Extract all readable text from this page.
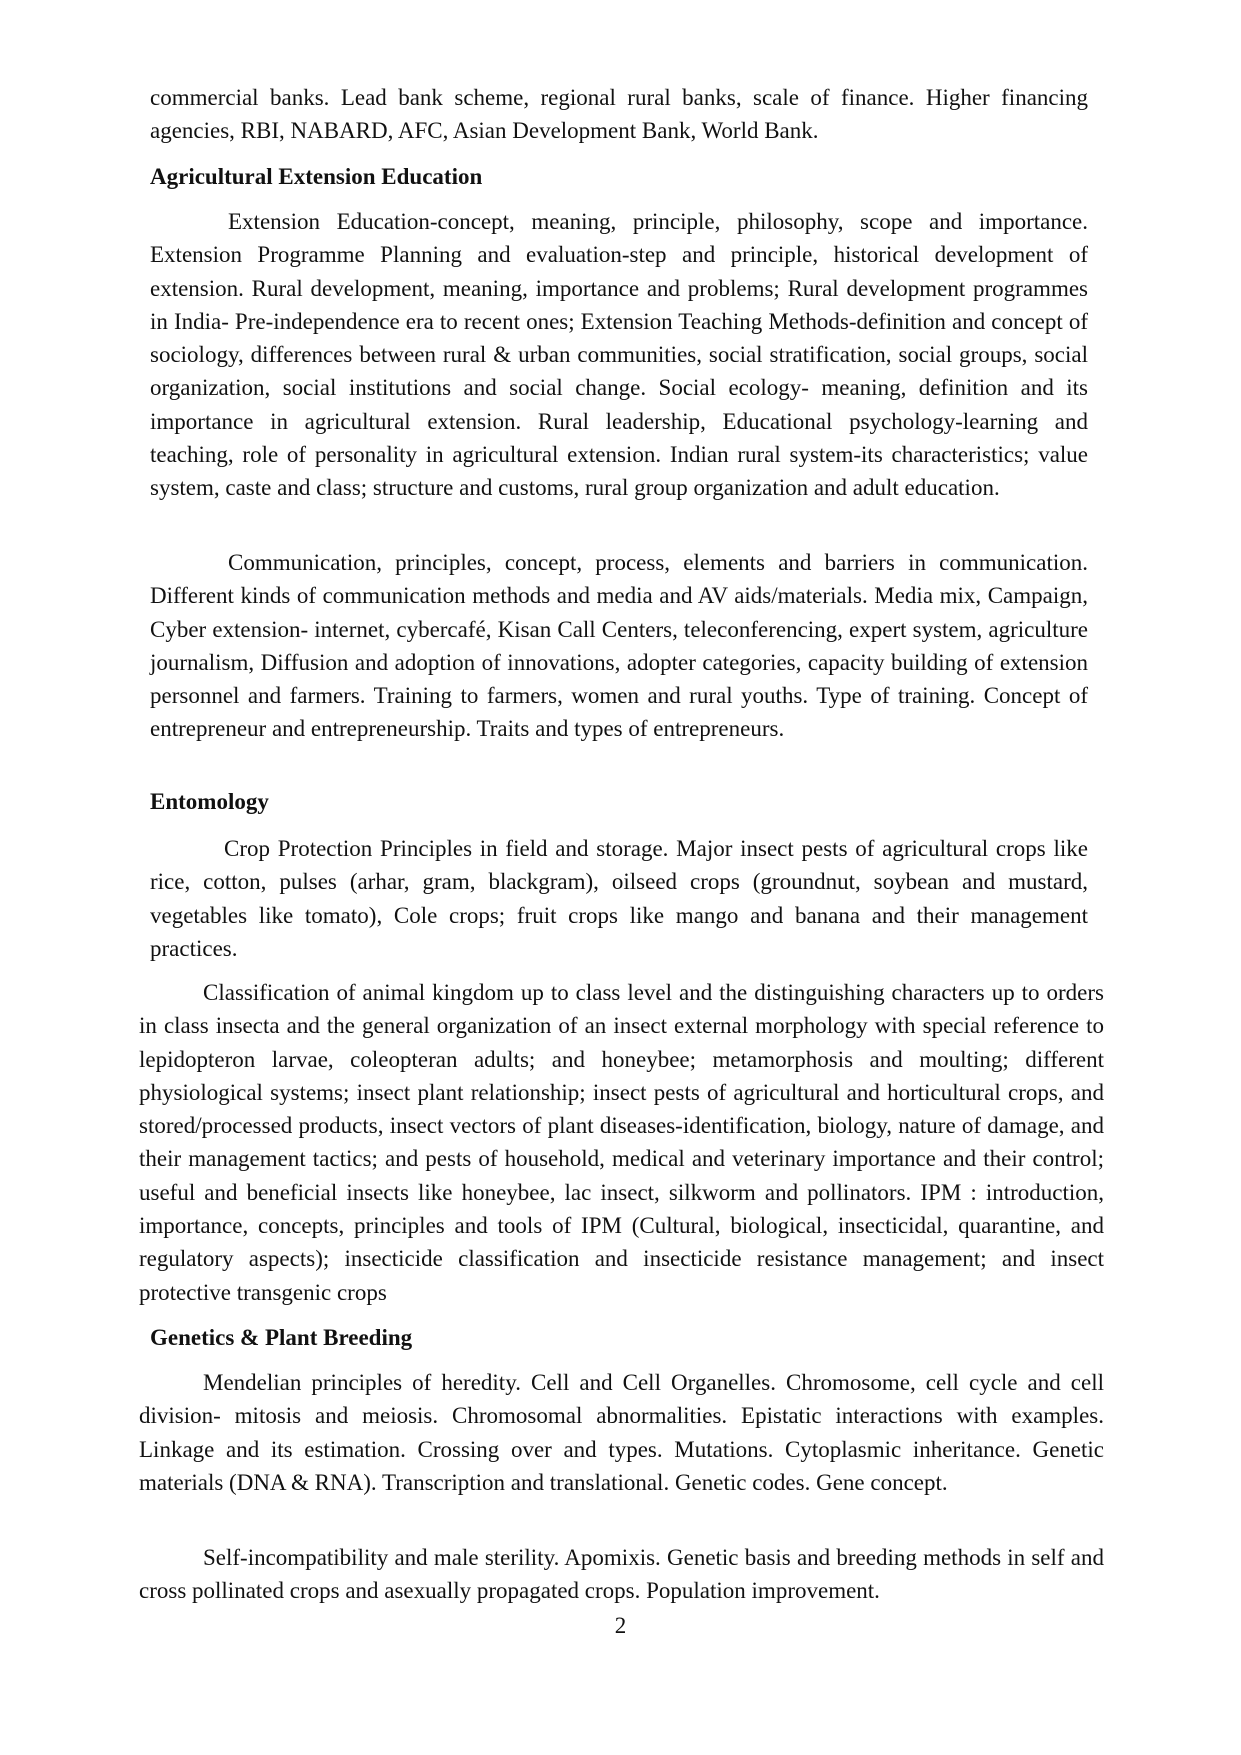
commercial banks. Lead bank scheme, regional rural banks, scale of finance. Higher financing agencies, RBI, NABARD, AFC, Asian Development Bank, World Bank.

Agricultural Extension Education

Extension Education-concept, meaning, principle, philosophy, scope and importance. Extension Programme Planning and evaluation-step and principle, historical development of extension. Rural development, meaning, importance and problems; Rural development programmes in India- Pre-independence era to recent ones; Extension Teaching Methods-definition and concept of sociology, differences between rural & urban communities, social stratification, social groups, social organization, social institutions and social change. Social ecology- meaning, definition and its importance in agricultural extension. Rural leadership, Educational psychology-learning and teaching, role of personality in agricultural extension. Indian rural system-its characteristics; value system, caste and class; structure and customs, rural group organization and adult education.

Communication, principles, concept, process, elements and barriers in communication. Different kinds of communication methods and media and AV aids/materials. Media mix, Campaign, Cyber extension- internet, cybercafé, Kisan Call Centers, teleconferencing, expert system, agriculture journalism, Diffusion and adoption of innovations, adopter categories, capacity building of extension personnel and farmers. Training to farmers, women and rural youths. Type of training. Concept of entrepreneur and entrepreneurship. Traits and types of entrepreneurs.

Entomology

Crop Protection Principles in field and storage. Major insect pests of agricultural crops like rice, cotton, pulses (arhar, gram, blackgram), oilseed crops (groundnut, soybean and mustard, vegetables like tomato), Cole crops; fruit crops like mango and banana and their management practices.

Classification of animal kingdom up to class level and the distinguishing characters up to orders in class insecta and the general organization of an insect external morphology with special reference to lepidopteron larvae, coleopteran adults; and honeybee; metamorphosis and moulting; different physiological systems; insect plant relationship; insect pests of agricultural and horticultural crops, and stored/processed products, insect vectors of plant diseases-identification, biology, nature of damage, and their management tactics; and pests of household, medical and veterinary importance and their control; useful and beneficial insects like honeybee, lac insect, silkworm and pollinators. IPM : introduction, importance, concepts, principles and tools of IPM (Cultural, biological, insecticidal, quarantine, and regulatory aspects); insecticide classification and insecticide resistance management; and insect protective transgenic crops

Genetics & Plant Breeding

Mendelian principles of heredity. Cell and Cell Organelles. Chromosome, cell cycle and cell division- mitosis and meiosis. Chromosomal abnormalities. Epistatic interactions with examples. Linkage and its estimation. Crossing over and types. Mutations. Cytoplasmic inheritance. Genetic materials (DNA & RNA). Transcription and translational. Genetic codes. Gene concept.

Self-incompatibility and male sterility. Apomixis. Genetic basis and breeding methods in self and cross pollinated crops and asexually propagated crops. Population improvement.

2
